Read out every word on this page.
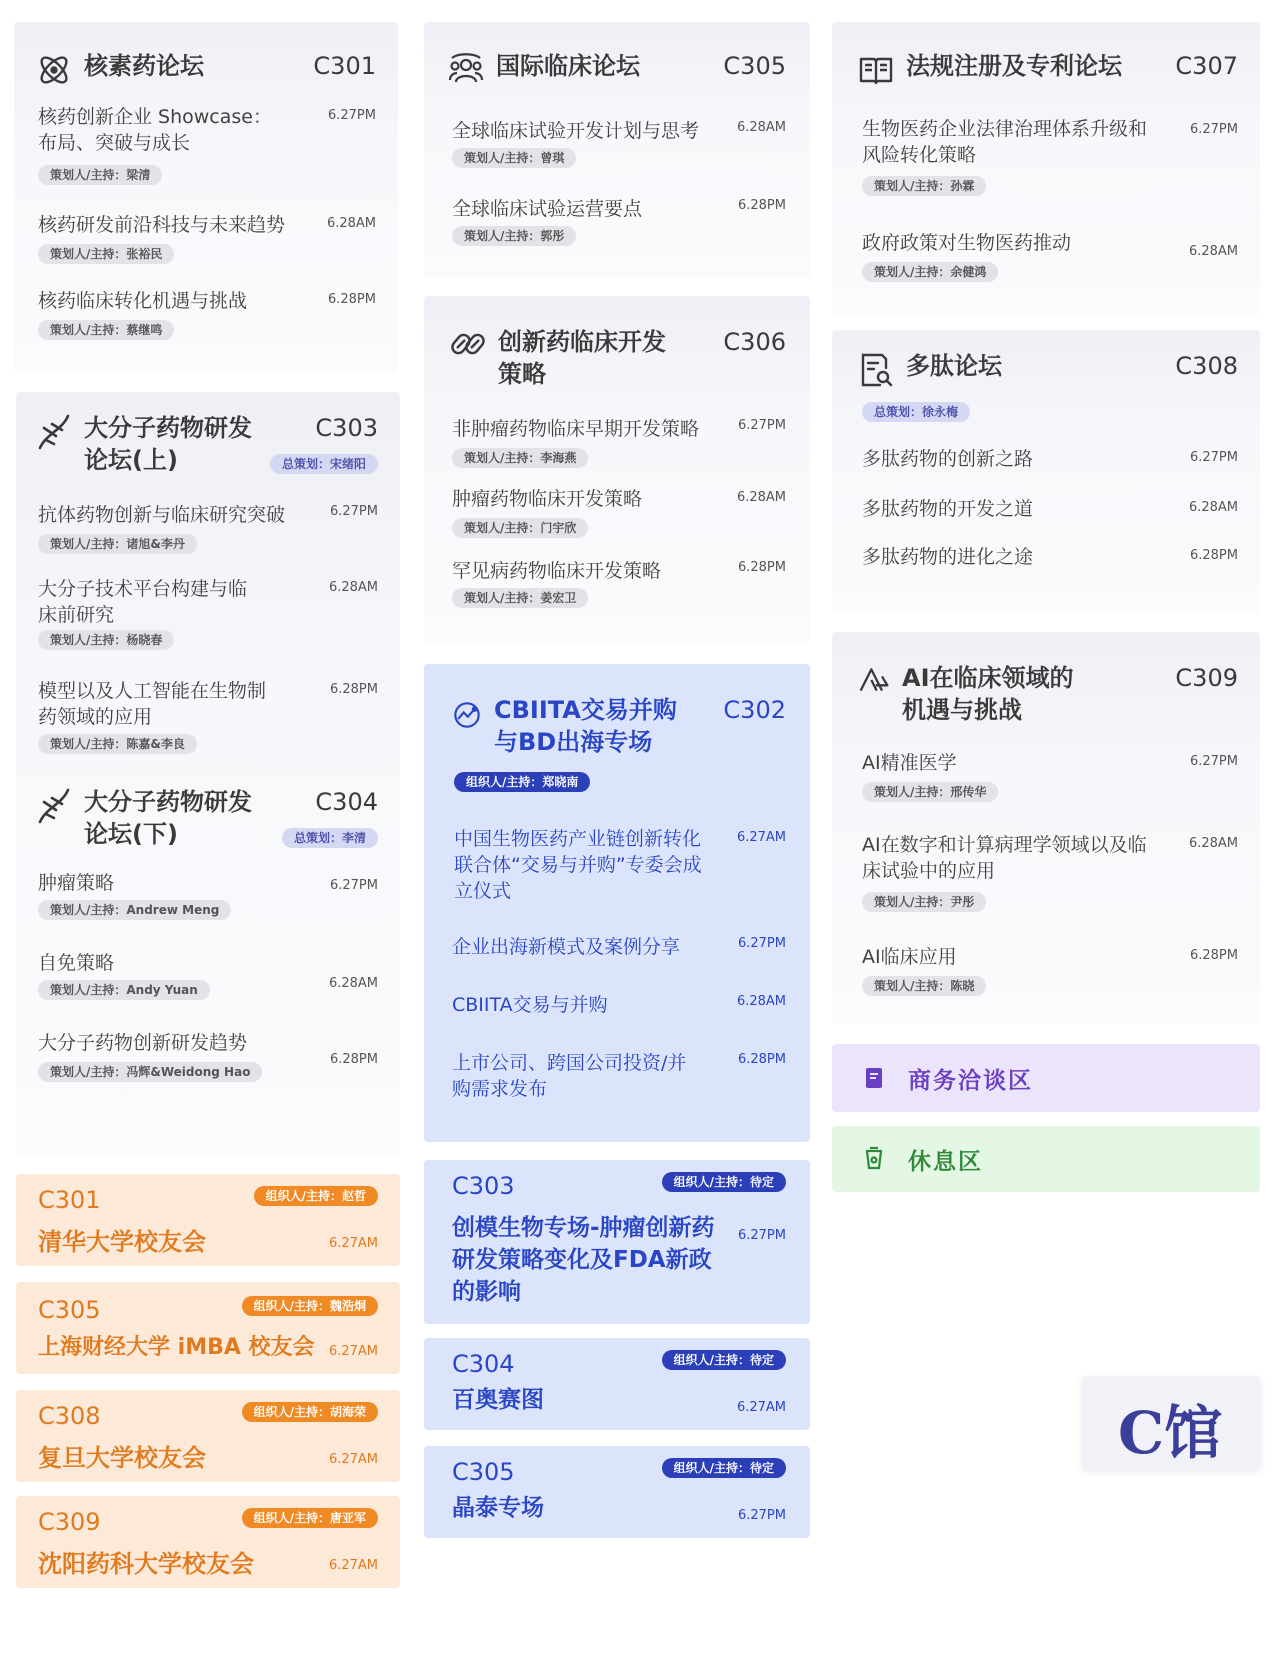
核素药论坛	C301
核药创新企业 Showcase：布局、突破与成长
6.27PM
策划人/主持：梁清
核药研发前沿科技与未来趋势	6.28AM
策划人/主持：张裕民
核药临床转化机遇与挑战	6.28PM
策划人/主持：蔡继鸣
大分子药物研发论坛(上)
C303
总策划：宋绪阳
抗体药物创新与临床研究突破	6.27PM
策划人/主持：诸旭&李丹
大分子技术平台构建与临床前研究
6.28AM
策划人/主持：杨晓春
模型以及人工智能在生物制药领域的应用
6.28PM
策划人/主持：陈嘉&李良
大分子药物研发论坛(下)
C304
总策划：李清
肿瘤策略	6.27PM
策划人/主持：Andrew Meng
自免策略
6.28AM
策划人/主持：Andy Yuan
大分子药物创新研发趋势
6.28PM
策划人/主持：冯辉&Weidong Hao
C301	组织人/主持：赵哲
清华大学校友会	6.27AM
C305	组织人/主持：魏浩炯
上海财经大学 iMBA 校友会 6.27AM
C308	组织人/主持：胡海荣
复旦大学校友会	6.27AM
C309	组织人/主持：唐亚军
沈阳药科大学校友会	6.27AM
国际临床论坛	C305
全球临床试验开发计划与思考	6.28AM
策划人/主持：曾琪
全球临床试验运营要点	6.28PM
策划人/主持：郭彤
创新药临床开发策略
C306
非肿瘤药物临床早期开发策略	6.27PM
策划人/主持：李海燕
肿瘤药物临床开发策略	6.28AM
策划人/主持：门宇欣
罕见病药物临床开发策略	6.28PM
策划人/主持：姜宏卫
CBIITA交易并购与BD出海专场
C302
组织人/主持：郑晓南
中国生物医药产业链创新转化联合体“交易与并购”专委会成立仪式
6.27AM
企业出海新模式及案例分享	6.27PM
CBIITA交易与并购	6.28AM
上市公司、跨国公司投资/并购需求发布
6.28PM
C303	组织人/主持：待定
创模生物专场-肿瘤创新药研发策略变化及FDA新政的影响
6.27PM
C304	组织人/主持：待定
百奥赛图	6.27AM
C305	组织人/主持：待定
晶泰专场	6.27PM
法规注册及专利论坛 C307
生物医药企业法律治理体系升级和风险转化策略
6.27PM
策划人/主持：孙霖
政府政策对生物医药推动	6.28AM
策划人/主持：余健鸿
多肽论坛	C308
总策划：徐永梅
多肽药物的创新之路	6.27PM
多肽药物的开发之道	6.28AM
多肽药物的进化之途	6.28PM
AI在临床领域的机遇与挑战
C309
AI精准医学	6.27PM
策划人/主持：邢传华
AI在数字和计算病理学领域以及临床试验中的应用
6.28AM
策划人/主持：尹彤
AI临床应用	6.28PM
策划人/主持：陈晓
商务洽谈区
休息区
C馆
